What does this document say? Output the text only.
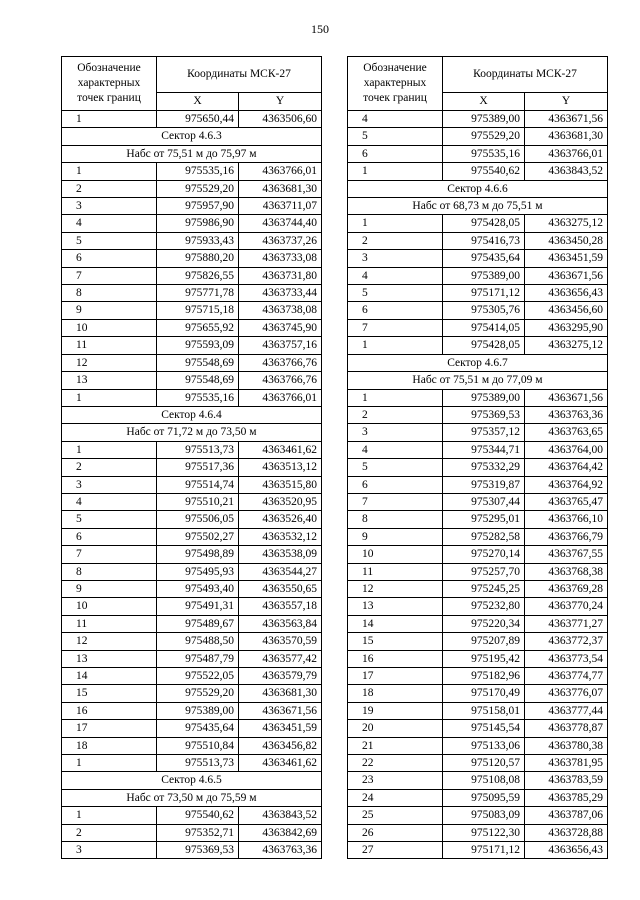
150
Обозначение характерных точек границ	Координаты МСК-27	
	X	Y
1	975650,44	4363506,60
Сектор 4.6.3		
Набс от 75,51 м до 75,97 м		
1	975535,16	4363766,01
2	975529,20	4363681,30
3	975957,90	4363711,07
4	975986,90	4363744,40
5	975933,43	4363737,26
6	975880,20	4363733,08
7	975826,55	4363731,80
8	975771,78	4363733,44
9	975715,18	4363738,08
10	975655,92	4363745,90
11	975593,09	4363757,16
12	975548,69	4363766,76
13	975548,69	4363766,76
1	975535,16	4363766,01
Сектор 4.6.4		
Набс от 71,72 м до 73,50 м		
1	975513,73	4363461,62
2	975517,36	4363513,12
3	975514,74	4363515,80
4	975510,21	4363520,95
5	975506,05	4363526,40
6	975502,27	4363532,12
7	975498,89	4363538,09
8	975495,93	4363544,27
9	975493,40	4363550,65
10	975491,31	4363557,18
11	975489,67	4363563,84
12	975488,50	4363570,59
13	975487,79	4363577,42
14	975522,05	4363579,79
15	975529,20	4363681,30
16	975389,00	4363671,56
17	975435,64	4363451,59
18	975510,84	4363456,82
1	975513,73	4363461,62
Сектор 4.6.5		
Набс от 73,50 м до 75,59 м		
1	975540,62	4363843,52
2	975352,71	4363842,69
3	975369,53	4363763,36
Обозначение характерных точек границ	Координаты МСК-27	
	X	Y
4	975389,00	4363671,56
5	975529,20	4363681,30
6	975535,16	4363766,01
1	975540,62	4363843,52
Сектор 4.6.6		
Набс от 68,73 м до 75,51 м		
1	975428,05	4363275,12
2	975416,73	4363450,28
3	975435,64	4363451,59
4	975389,00	4363671,56
5	975171,12	4363656,43
6	975305,76	4363456,60
7	975414,05	4363295,90
1	975428,05	4363275,12
Сектор 4.6.7		
Набс от 75,51 м до 77,09 м		
1	975389,00	4363671,56
2	975369,53	4363763,36
3	975357,12	4363763,65
4	975344,71	4363764,00
5	975332,29	4363764,42
6	975319,87	4363764,92
7	975307,44	4363765,47
8	975295,01	4363766,10
9	975282,58	4363766,79
10	975270,14	4363767,55
11	975257,70	4363768,38
12	975245,25	4363769,28
13	975232,80	4363770,24
14	975220,34	4363771,27
15	975207,89	4363772,37
16	975195,42	4363773,54
17	975182,96	4363774,77
18	975170,49	4363776,07
19	975158,01	4363777,44
20	975145,54	4363778,87
21	975133,06	4363780,38
22	975120,57	4363781,95
23	975108,08	4363783,59
24	975095,59	4363785,29
25	975083,09	4363787,06
26	975122,30	4363728,88
27	975171,12	4363656,43
